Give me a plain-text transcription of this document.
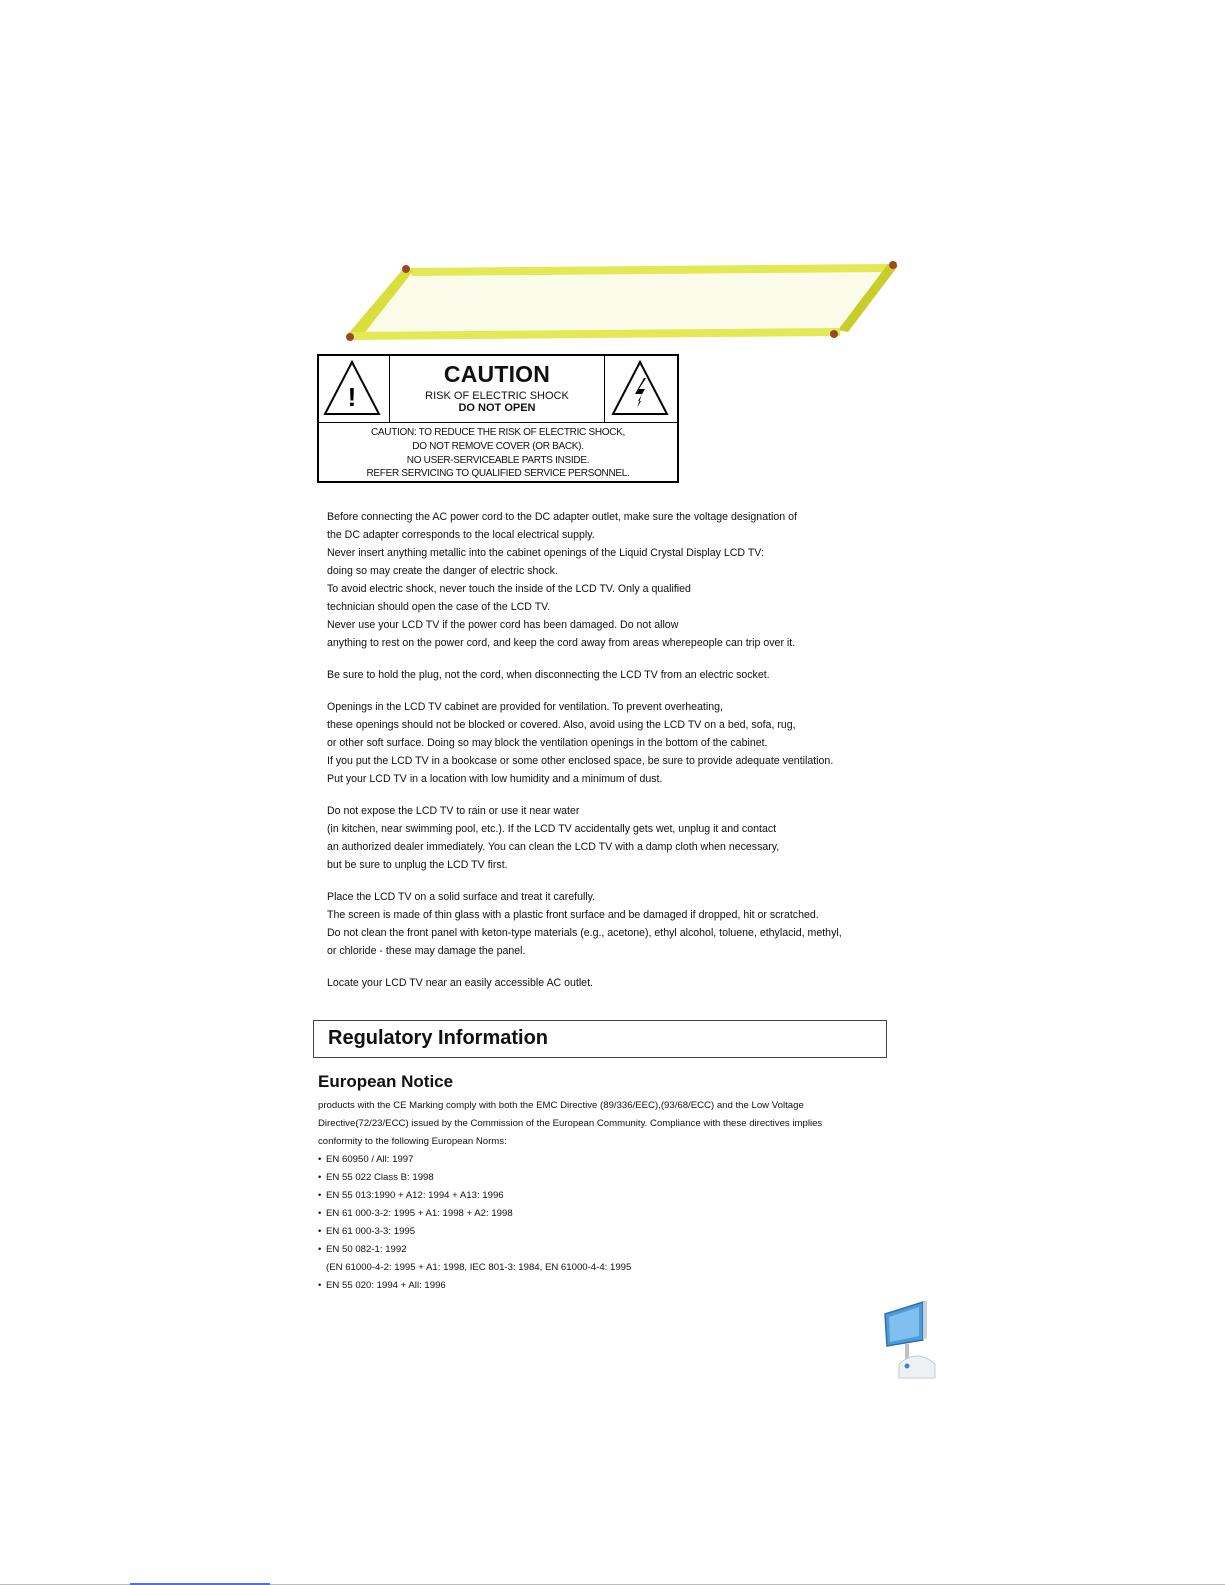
!
CAUTION
RISK OF ELECTRIC SHOCK
DO NOT OPEN
CAUTION: TO REDUCE THE RISK OF ELECTRIC SHOCK,
DO NOT REMOVE COVER (OR BACK).
NO USER-SERVICEABLE PARTS INSIDE.
REFER SERVICING TO QUALIFIED SERVICE PERSONNEL.

Before connecting the AC power cord to the DC adapter outlet, make sure the voltage designation of
the DC adapter corresponds to the local electrical supply.
Never insert anything metallic into the cabinet openings of the Liquid Crystal Display LCD TV:
doing so may create the danger of electric shock.
To avoid electric shock, never touch the inside of the LCD TV. Only a qualified
technician should open the case of the LCD TV.
Never use your LCD TV if the power cord has been damaged. Do not allow
anything to rest on the power cord, and keep the cord away from areas wherepeople can trip over it.

Be sure to hold the plug, not the cord, when disconnecting the LCD TV from an electric socket.

Openings in the LCD TV cabinet are provided for ventilation. To prevent overheating,
these openings should not be blocked or covered. Also, avoid using the LCD TV on a bed, sofa, rug,
or other soft surface. Doing so may block the ventilation openings in the bottom of the cabinet.
If you put the LCD TV in a bookcase or some other enclosed space, be sure to provide adequate ventilation.
Put your LCD TV in a location with low humidity and a minimum of dust.

Do not expose the LCD TV to rain or use it near water
(in kitchen, near swimming pool, etc.). If the LCD TV accidentally gets wet, unplug it and contact
an authorized dealer immediately. You can clean the LCD TV with a damp cloth when necessary,
but be sure to unplug the LCD TV first.

Place the LCD TV on a solid surface and treat it carefully.
The screen is made of thin glass with a plastic front surface and be damaged if dropped, hit or scratched.
Do not clean the front panel with keton-type materials (e.g., acetone), ethyl alcohol, toluene, ethylacid, methyl,
or chloride - these may damage the panel.

Locate your LCD TV near an easily accessible AC outlet.

Regulatory Information
European Notice
products with the CE Marking comply with both the EMC Directive (89/336/EEC),(93/68/ECC) and the Low Voltage
Directive(72/23/ECC) issued by the Commission of the European Community. Compliance with these directives implies
conformity to the following European Norms:
• EN 60950 / All: 1997
• EN 55 022 Class B: 1998
• EN 55 013:1990 + A12: 1994 + A13: 1996
• EN 61 000-3-2: 1995 + A1: 1998 + A2: 1998
• EN 61 000-3-3: 1995
• EN 50 082-1: 1992
(EN 61000-4-2: 1995 + A1: 1998, IEC 801-3: 1984, EN 61000-4-4: 1995
• EN 55 020: 1994 + All: 1996
